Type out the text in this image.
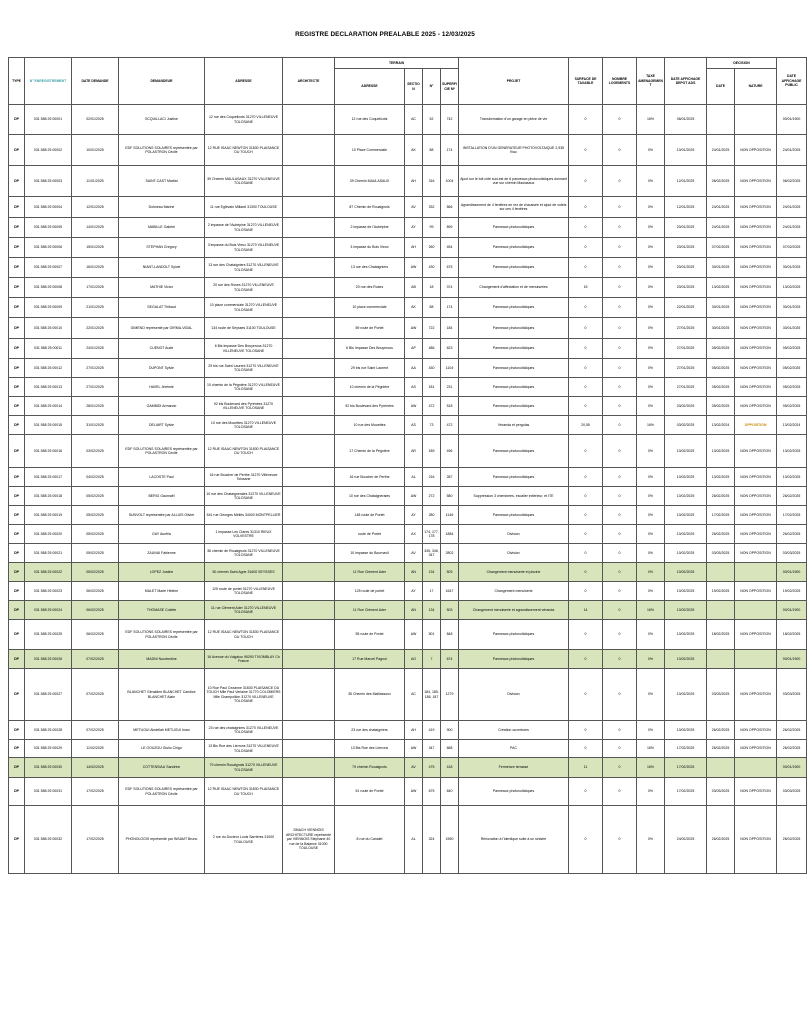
REGISTRE DECLARATION PREALABLE 2025 - 12/03/2025
TYPE	N° ENREGISTREMENT	DATE DEMANDE	DEMANDEUR	ADRESSE	ARCHITECTE	TERRAIN				PROJET	SURFACE DE TAXABLE	NOMBRE LOGEMENTS	TAXE AMENAGEMEN T	DATE AFFICHAGE DEPOT ADS	DECISION		DATE AFFICHAGE PUBLIC
						ADRESSE	SECTIO N	N°	SUPERFI CIE M²						DATE	NATURE	
DP	031 588 25 00001	02/01/2025	SCQUILLACI Justine	12 rue des Coquelicots 31270 VILLENEUVE TOLOSANE		12 rue des Coquelicots	AC	52	742	Transformation d'un garage en pièce de vie	0	0	16%	06/01/2025			00/01/1900
DP	031 588 25 00002	10/01/2025	EDF SOLUTIONS SOLAIRES représentée par POLASTRON Cécile	12 RUE ISAAC NEWTON 31830 PLAISANCE DU TOUCH		10 Place Commerciale	AK	88	174	INSTALLATION D'UN GENERATEUR PHOTOVOLTAIQUE 2,935 Kwc	0	0	0%	10/01/2025	24/01/2025	NON OPPOSITION	24/01/2025
DP	031 588 25 00003	11/01/2025	SAINT-CAST Martial	39 Chemin MAULASAUX 31270 VILLENEUVE TOLOSANE		39 Chemin MAULASAUX	AH	316	1004	Ajout sur le toit côté sud-est de 6 panneaux photovoltaïques donnant vue sur chemin Maulasaux	0	0	0%	12/01/2025	06/02/2025	NON OPPOSITION	06/02/2025
DP	031 588 25 00004	12/01/2025	Dolmeau Marine	11 rue Eglévain Millardi 31300 TOULOUSE		87 Chemin de Rouaignols	AV	332	566	Agrandissement de 4 fenêtres en rez de chaussée et ajout de volets sur ces 4 fenêtres	0	0	0%	12/01/2025	24/01/2025	NON OPPOSITION	24/01/2025
DP	031 588 25 00005	14/01/2025	MABILLE Gabriel	2 impasse de l'Aubépine 31270 VILLENEUVE TOLOSANE		2 impasse de l'Aubépine	AY	99	899	Panneaux photovoltaïques	0	0	0%	20/01/2025	24/01/2025	NON OPPOSITION	24/01/2025
DP	031 588 25 00006	15/01/2025	STEPHAN Gregory	3 impasse du Bois Vieux 31270 VILLENEUVE TOLOSANE		3 impasse du Bois Vieux	AH	260	454	Panneaux photovoltaïques	0	0	0%	20/01/2025	07/02/2025	NON OPPOSITION	07/02/2025
DP	031 588 25 00007	16/01/2025	NIANT-LANDOLT Sylvie	13 rue des Chataigniers 31270 VILLENEUVE TOLOSANE		13 rue des Chataigniers	AW	430	675	Panneaux photovoltaïques	0	0	0%	20/01/2025	30/01/2025	NON OPPOSITION	30/01/2025
DP	031 588 25 00008	17/01/2025	MATHIE Victor	20 rue des Roses 31270 VILLENEUVE TOLOSANE		20 rue des Roses	AB	18	374	Changement d'affectation et de menuiseries	15	0	0%	20/01/2025	13/02/2025	NON OPPOSITION	13/02/2025
DP	031 588 25 00009	21/01/2025	SEGALAT Thibaut	10 place commerciale 31270 VILLENEUVE TOLOSANE		10 place commerciale	AK	88	174	Panneaux photovoltaïques	0	0	0%	22/01/2025	30/01/2025	NON OPPOSITION	30/01/2025
DP	031 588 25 00010	22/01/2025	GIMENO représenté par GIRMA-VIDAL	134 route de Seysses 31100 TOULOUSE		59 route de Portet	AW	722	184	Panneaux photovoltaïques	0	0	0%	27/01/2025	30/01/2025	NON OPPOSITION	30/01/2025
DP	031 588 25 00011	24/01/2025	CUENOT Aude	6 Bis Impasse Des Bouyerous 31270 VILLENEUVE TOLOSANE		6 Bis Impasse Des Bouyerous	AP	486	623	Panneaux photovoltaïques	0	0	0%	27/01/2025	05/02/2025	NON OPPOSITION	05/02/2025
DP	031 588 25 00012	27/01/2025	DUPONT Sylvie	29 bis rue Saint Laurent 31270 VILLENEUVE TOLOSANE		29 bis rue Saint Laurent	AA	430	1104	Panneaux photovoltaïques	0	0	0%	27/01/2025	05/02/2025	NON OPPOSITION	05/02/2025
DP	031 588 25 00013	27/01/2025	HAVEL Jérémie	10 chemin de la Pégnière 31270 VILLENEUVE TOLOSANE		10 chemin de la Pégnière	AS	181	231	Panneaux photovoltaïques	0	0	0%	27/01/2025	05/02/2025	NON OPPOSITION	05/02/2025
DP	031 588 25 00014	28/01/2025	GAMBIDI Armando	92 bis Boulevard des Pyrénées 31270 VILLENEUVE TOLOSANE		92 bis Boulevard des Pyrénées	AW	472	518	Panneaux photovoltaïques	0	0	0%	03/02/2025	05/02/2025	NON OPPOSITION	05/02/2025
DP	031 588 25 00015	31/01/2025	DELIART Sylvie	10 rue des Mouettes 31270 VILLENEUVE TOLOSANE		10 rue des Mouettes	AS	73	472	Véranda et pergolas	20,55	0	16%	03/02/2025	13/02/2024	OPPOSITION	13/02/2024
DP	031 588 25 00016	03/02/2025	EDF SOLUTIONS SOLAIRES représentée par POLASTRON Cécile	12 RUE ISAAC NEWTON 31830 PLAISANCE DU TOUCH		17 Chemin de la Pégnière	AR	189	496	Panneaux photovoltaïques	0	0	0%	10/02/2025	13/02/2025	NON OPPOSITION	13/02/2025
DP	031 588 25 00017	04/02/2025	LACOSTE Paul	16 rue Boucher de Perthe 31270 Villeneuve Tolosane		16 rue Boucher de Perthe	AL	216	287	Panneaux photovoltaïques	0	0	0%	10/02/2025	13/02/2025	NON OPPOSITION	13/02/2025
DP	031 588 25 00018	05/02/2025	BERIG Gaumaël	10 rue des Chataigneraies 31270 VILLENEUVE TOLOSANE		10 rue des Chataigneraies	AW	272	580	Suppression 3 cheminées, escalier extérieur, et ITE	0	0	0%	10/02/2025	26/02/2025	NON OPPOSITION	26/02/2025
DP	031 588 25 00019	05/02/2025	SUNVOLT représentée par ALLUIS Olivier	541 rue Georges Méliès 34000 MONTPELLIER		148 route de Portet	AY	280	1146	Panneaux photovoltaïques	0	0	0%	10/02/2025	17/02/2025	NON OPPOSITION	17/02/2025
DP	031 588 25 00020	05/02/2025	GAY Aurélia	1 impasse Les Clares 31310 RIEUX VOLVESTRE		route de Portet	AX	174, 177, 178	1884	Division	0	0	0%	10/02/2025	26/02/2025	NON OPPOSITION	26/02/2025
DP	031 588 25 00021	05/02/2025	ZAUNAI Fabienne	36 chemin de Rouaignols 31270 VILLENEUVE TOLOSANE		10 impasse du Bournavil	AV	345, 346, 347	2802	Division	0	0	0%	10/02/2025	03/03/2025	NON OPPOSITION	03/03/2025
DP	031 588 25 00022	05/02/2025	LOPEZ Justine	50 chemin Saint Agne 31600 SEYSSES		11 Rue Clément Ader	AN	134	503	Changement menuiserie et piscine	0	0	0%	10/02/2025			00/01/1900
DP	031 588 25 00023	06/02/2025	MALET Marie Hélène	125 route de portet 31270 VILLENEUVE TOLOSANE		125 route de portet	AY	17	1647	Changement menuiserie	0	0	0%	10/02/2025	19/02/2025	NON OPPOSITION	19/02/2025
DP	031 588 25 00024	06/02/2025	THOMASE Colette	11 rue Clément Ader 31270 VILLENEUVE TOLOSANE		11 Rue Clément Ader	AN	134	503	Changement menuiserie et agrandissement véranda	14	0	16%	10/02/2025			00/01/1900
DP	031 588 25 00025	06/02/2025	EDF SOLUTIONS SOLAIRES représentée par POLASTRON Cécile	12 RUE ISAAC NEWTON 31830 PLAISANCE DU TOUCH		55 route de Portet	AW	501	848	Panneaux photovoltaïques	0	0	0%	10/02/2025	18/02/2025	NON OPPOSITION	18/02/2025
DP	031 588 25 00026	07/02/2025	MADNI Noudredine	16 Avenue du Volgalou 95290 TIVOMBLAY Ch France		17 Rue Marcel Pagnol	AO	7	674	Panneaux photovoltaïques	0	0	0%	10/02/2025			00/01/1900
DP	031 588 25 00027	07/02/2025	BLANCHET Géraldine BLANCHET Candice BLANCHET Alain	10 Rue Paul Cezanne 31830 PLAISANCE DU TOUCH Mlle Paul Verlaine 31770 COLOMIERS Mlle Champollion 31270 VILLENEUVE TOLOSANE		35 Chemin des Maillassoux	AC	184, 185, 186, 187	1279	Division	0	0	0%	10/02/2025	03/03/2025	NON OPPOSITION	03/03/2025
DP	031 588 25 00028	07/02/2025	METUGUI Abdellah METUGUI Iman	23 rue des chataigniers 31270 VILLENEUVE TOLOSANE		23 rue des chataigniers	AH	419	900	Création ouvertures	0	0	0%	10/02/2025	26/02/2025	NON OPPOSITION	26/02/2025
DP	031 588 25 00029	11/02/2025	LE GOUZOU Giulio Chigo	13 Bis Rue des Lierrons 31270 VILLENEUVE TOLOSANE		13 Bis Rue des Lierrons	AW	347	668	PAC	0	0	16%	17/02/2025	26/02/2025	NON OPPOSITION	26/02/2025
DP	031 588 25 00030	14/02/2025	COTTENSIAU Sandrine	79 chemin Rouaignols 31270 VILLENEUVE TOLOSANE		79 chemin Rouaignols	AV	475	418	Fermeture terrasse	11	0	16%	17/02/2025			00/01/1900
DP	031 588 25 00031	17/02/2025	EDF SOLUTIONS SOLAIRES représentée par POLASTRON Cécile	12 RUE ISAAC NEWTON 31830 PLAISANCE DU TOUCH		51 route de Portet	AW	675	640	Panneaux photovoltaïques	0	0	0%	17/02/2025	03/03/2025	NON OPPOSITION	03/03/2025
DP	031 588 25 00032	17/02/2025	PHONOLOGIS représenté par INSAMT Bruno	2 rue du Docteur Louis Sarrières 31000 TOULOUSE	SMACH VIENNOIS ARCHITECTURE représenté par VIENNOIS Stéphane 40 rue de la Balance 31000 TOULOUSE	8 rue du Canalet	AL	324	1550	Rénovation à l'identique suite à un sinistre	0	0	0%	24/02/2025	26/02/2025	NON OPPOSITION	26/02/2025
